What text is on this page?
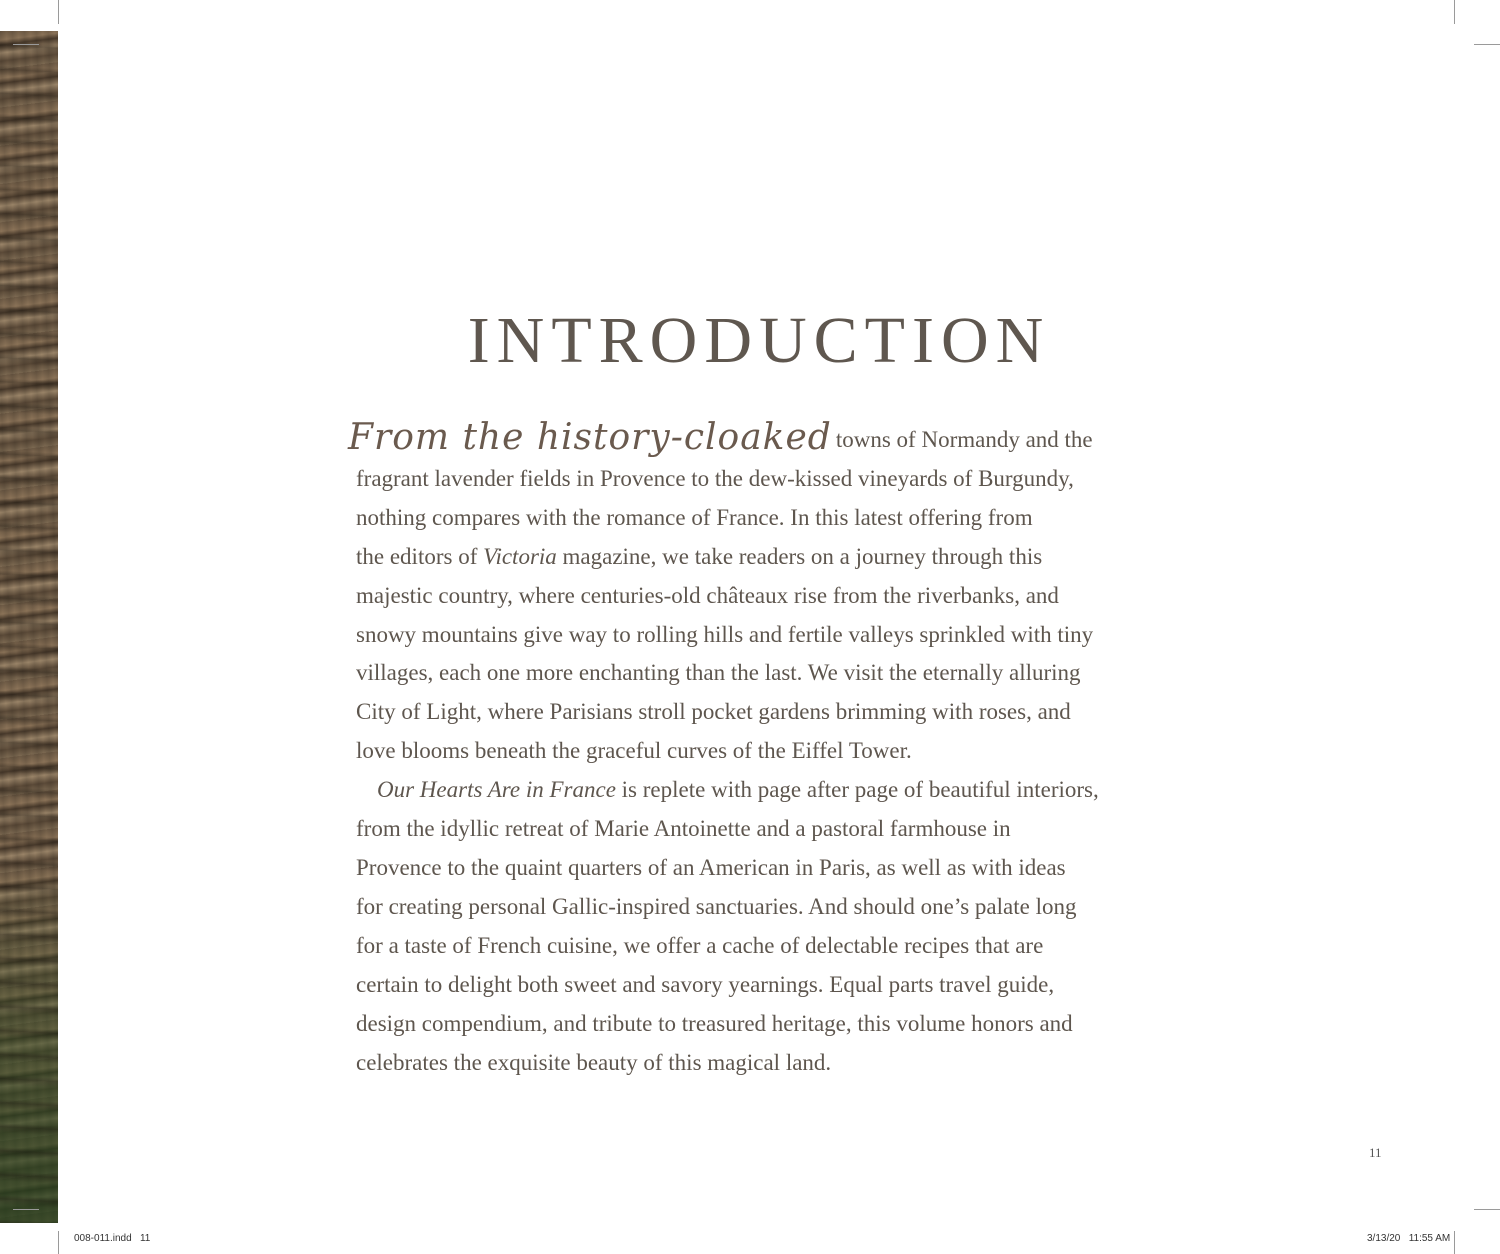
INTRODUCTION
From the history-cloaked towns of Normandy and the
fragrant lavender fields in Provence to the dew-kissed vineyards of Burgundy,
nothing compares with the romance of France. In this latest offering from
the editors of Victoria magazine, we take readers on a journey through this
majestic country, where centuries-old châteaux rise from the riverbanks, and
snowy mountains give way to rolling hills and fertile valleys sprinkled with tiny
villages, each one more enchanting than the last. We visit the eternally alluring
City of Light, where Parisians stroll pocket gardens brimming with roses, and
love blooms beneath the graceful curves of the Eiffel Tower.
Our Hearts Are in France is replete with page after page of beautiful interiors,
from the idyllic retreat of Marie Antoinette and a pastoral farmhouse in
Provence to the quaint quarters of an American in Paris, as well as with ideas
for creating personal Gallic-inspired sanctuaries. And should one’s palate long
for a taste of French cuisine, we offer a cache of delectable recipes that are
certain to delight both sweet and savory yearnings. Equal parts travel guide,
design compendium, and tribute to treasured heritage, this volume honors and
celebrates the exquisite beauty of this magical land.
11
008-011.indd   11	3/13/20   11:55 AM
